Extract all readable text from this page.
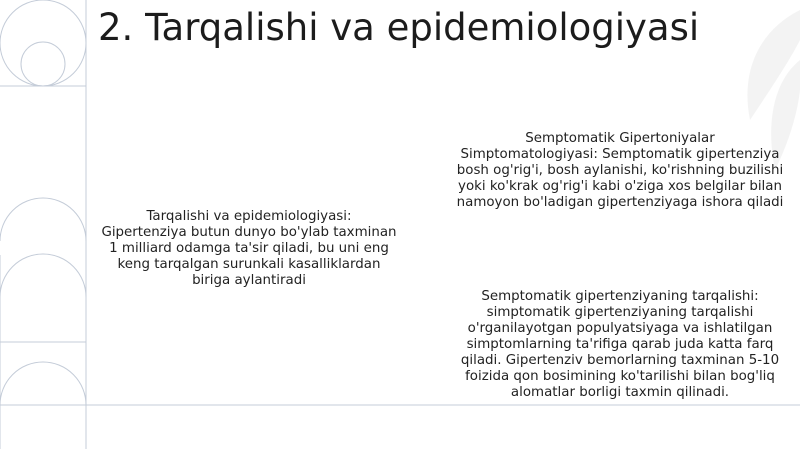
2. Tarqalishi va epidemiologiyasi

Tarqalishi va epidemiologiyasi:

Gipertenziya butun dunyo bo'ylab taxminan 1 milliard odamga ta'sir qiladi, bu uni eng keng tarqalgan surunkali kasalliklardan biriga aylantiradi

Semptomatik Gipertoniyalar

Simptomatologiyasi: Semptomatik gipertenziya bosh og'rig'i, bosh aylanishi, ko'rishning buzilishi yoki ko'krak og'rig'i kabi o'ziga xos belgilar bilan namoyon bo'ladigan gipertenziyaga ishora qiladi

Semptomatik gipertenziyaning tarqalishi: simptomatik gipertenziyaning tarqalishi o'rganilayotgan populyatsiyaga va ishlatilgan simptomlarning ta'rifiga qarab juda katta farq qiladi. Gipertenziv bemorlarning taxminan 5-10 foizida qon bosimining ko'tarilishi bilan bog'liq alomatlar borligi taxmin qilinadi.
